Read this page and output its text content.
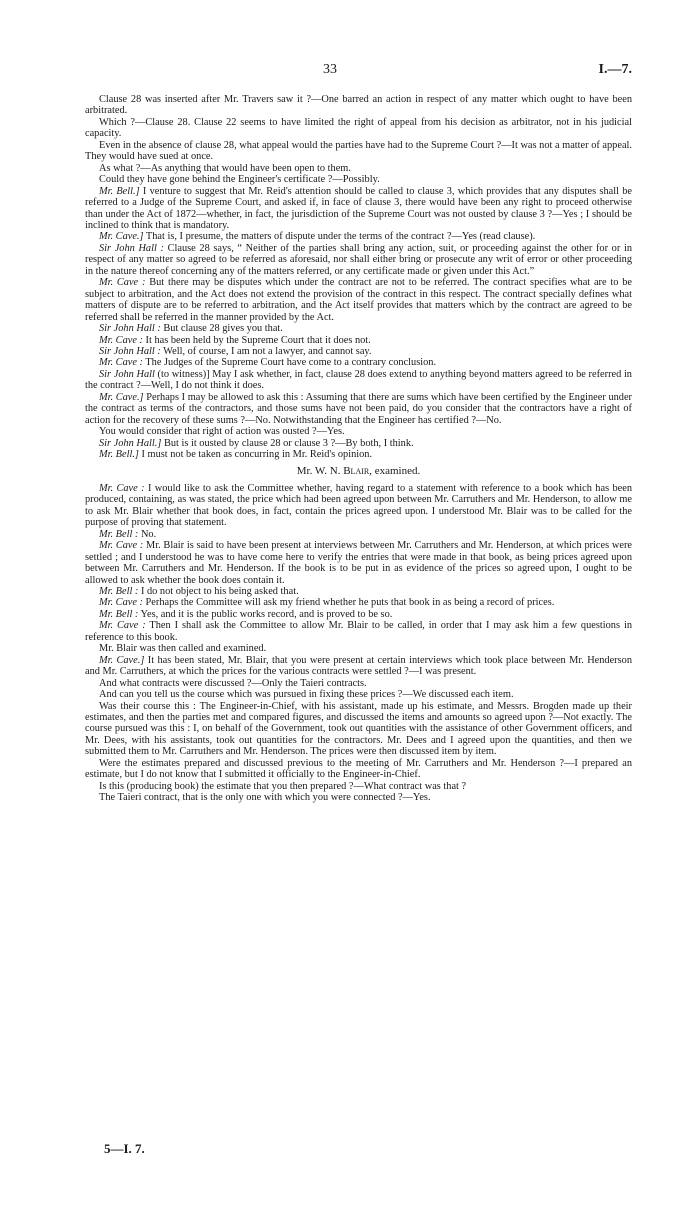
33	I.—7.

Clause 28 was inserted after Mr. Travers saw it ?—One barred an action in respect of any matter which ought to have been arbitrated.

Which ?—Clause 28. Clause 22 seems to have limited the right of appeal from his decision as arbitrator, not in his judicial capacity.

Even in the absence of clause 28, what appeal would the parties have had to the Supreme Court ?—It was not a matter of appeal. They would have sued at once.

As what ?—As anything that would have been open to them.

Could they have gone behind the Engineer's certificate ?—Possibly.

Mr. Bell.] I venture to suggest that Mr. Reid's attention should be called to clause 3, which provides that any disputes shall be referred to a Judge of the Supreme Court, and asked if, in face of clause 3, there would have been any right to proceed otherwise than under the Act of 1872—whether, in fact, the jurisdiction of the Supreme Court was not ousted by clause 3 ?—Yes ; I should be inclined to think that is mandatory.

Mr. Cave.] That is, I presume, the matters of dispute under the terms of the contract ?—Yes (read clause).

Sir John Hall : Clause 28 says, “ Neither of the parties shall bring any action, suit, or proceeding against the other for or in respect of any matter so agreed to be referred as aforesaid, nor shall either bring or prosecute any writ of error or other proceeding in the nature thereof concerning any of the matters referred, or any certificate made or given under this Act.”

Mr. Cave : But there may be disputes which under the contract are not to be referred. The contract specifies what are to be subject to arbitration, and the Act does not extend the provision of the contract in this respect. The contract specially defines what matters of dispute are to be referred to arbitration, and the Act itself provides that matters which by the contract are agreed to be referred shall be referred in the manner provided by the Act.

Sir John Hall : But clause 28 gives you that.

Mr. Cave : It has been held by the Supreme Court that it does not.

Sir John Hall : Well, of course, I am not a lawyer, and cannot say.

Mr. Cave : The Judges of the Supreme Court have come to a contrary conclusion.

Sir John Hall (to witness)] May I ask whether, in fact, clause 28 does extend to anything beyond matters agreed to be referred in the contract ?—Well, I do not think it does.

Mr. Cave.] Perhaps I may be allowed to ask this : Assuming that there are sums which have been certified by the Engineer under the contract as terms of the contractors, and those sums have not been paid, do you consider that the contractors have a right of action for the recovery of these sums ?—No. Notwithstanding that the Engineer has certified ?—No.

You would consider that right of action was ousted ?—Yes.

Sir John Hall.] But is it ousted by clause 28 or clause 3 ?—By both, I think.

Mr. Bell.] I must not be taken as concurring in Mr. Reid's opinion.

Mr. W. N. Blair, examined.

Mr. Cave : I would like to ask the Committee whether, having regard to a statement with reference to a book which has been produced, containing, as was stated, the price which had been agreed upon between Mr. Carruthers and Mr. Henderson, to allow me to ask Mr. Blair whether that book does, in fact, contain the prices agreed upon. I understood Mr. Blair was to be called for the purpose of proving that statement.

Mr. Bell : No.

Mr. Cave : Mr. Blair is said to have been present at interviews between Mr. Carruthers and Mr. Henderson, at which prices were settled ; and I understood he was to have come here to verify the entries that were made in that book, as being prices agreed upon between Mr. Carruthers and Mr. Henderson. If the book is to be put in as evidence of the prices so agreed upon, I ought to be allowed to ask whether the book does contain it.

Mr. Bell : I do not object to his being asked that.

Mr. Cave : Perhaps the Committee will ask my friend whether he puts that book in as being a record of prices.

Mr. Bell : Yes, and it is the public works record, and is proved to be so.

Mr. Cave : Then I shall ask the Committee to allow Mr. Blair to be called, in order that I may ask him a few questions in reference to this book.

Mr. Blair was then called and examined.

Mr. Cave.] It has been stated, Mr. Blair, that you were present at certain interviews which took place between Mr. Henderson and Mr. Carruthers, at which the prices for the various contracts were settled ?—I was present.

And what contracts were discussed ?—Only the Taieri contracts.

And can you tell us the course which was pursued in fixing these prices ?—We discussed each item.

Was their course this : The Engineer-in-Chief, with his assistant, made up his estimate, and Messrs. Brogden made up their estimates, and then the parties met and compared figures, and discussed the items and amounts so agreed upon ?—Not exactly. The course pursued was this : I, on behalf of the Government, took out quantities with the assistance of other Government officers, and Mr. Dees, with his assistants, took out quantities for the contractors. Mr. Dees and I agreed upon the quantities, and then we submitted them to Mr. Carruthers and Mr. Henderson. The prices were then discussed item by item.

Were the estimates prepared and discussed previous to the meeting of Mr. Carruthers and Mr. Henderson ?—I prepared an estimate, but I do not know that I submitted it officially to the Engineer-in-Chief.

Is this (producing book) the estimate that you then prepared ?—What contract was that ?

The Taieri contract, that is the only one with which you were connected ?—Yes.

5—I. 7.
